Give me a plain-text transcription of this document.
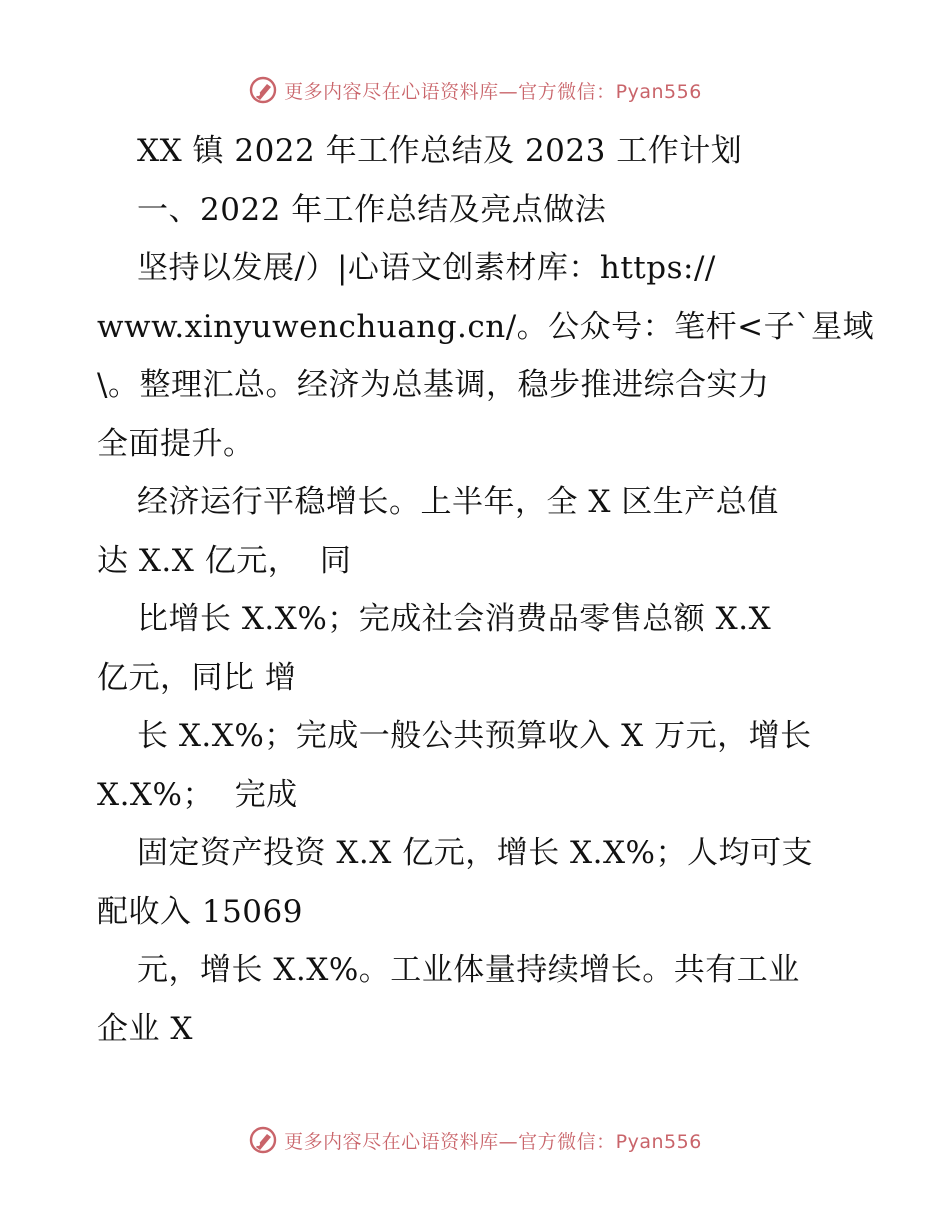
更多内容尽在心语资料库—官方微信：Pyan556
XX 镇 2022 年工作总结及 2023 工作计划
一、2022 年工作总结及亮点做法
坚持以发展/）|心语文创素材库：https://
www.xinyuwenchuang.cn/。公众号：笔杆<子`星域
\。整理汇总。经济为总基调，稳步推进综合实力
全面提升。
经济运行平稳增长。上半年，全 X 区生产总值
达 X.X 亿元，  同
比增长 X.X%；完成社会消费品零售总额 X.X
亿元，同比 增
长 X.X%；完成一般公共预算收入 X 万元，增长
X.X%；  完成
固定资产投资 X.X 亿元，增长 X.X%；人均可支
配收入 15069
元，增长 X.X%。工业体量持续增长。共有工业
企业 X
更多内容尽在心语资料库—官方微信：Pyan556
